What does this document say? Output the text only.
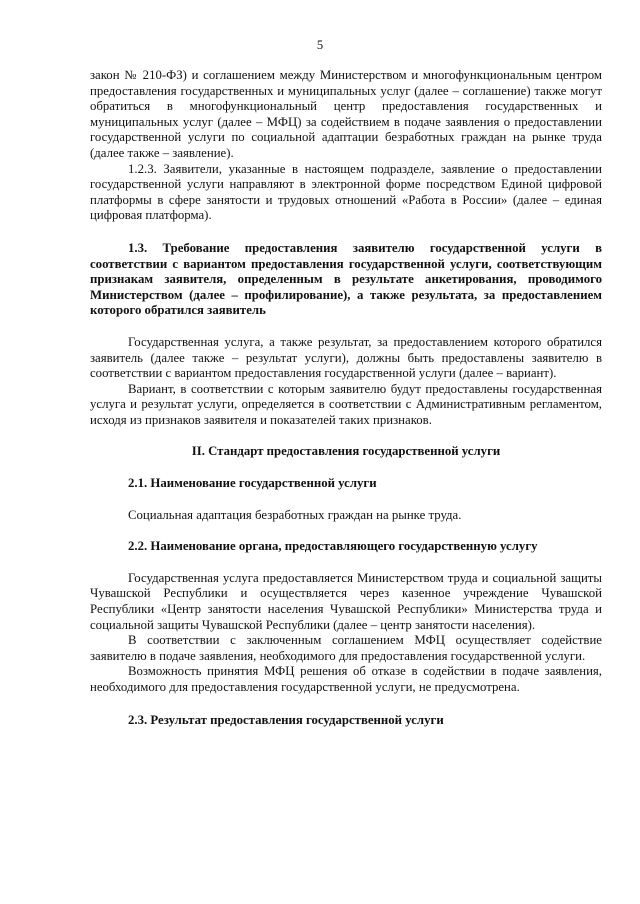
5

закон № 210-ФЗ) и соглашением между Министерством и многофункциональным центром предоставления государственных и муниципальных услуг (далее – соглашение) также могут обратиться в многофункциональный центр предоставления государственных и муниципальных услуг (далее – МФЦ) за содействием в подаче заявления о предоставлении государственной услуги по социальной адаптации безработных граждан на рынке труда (далее также – заявление).

1.2.3. Заявители, указанные в настоящем подразделе, заявление о предоставлении государственной услуги направляют в электронной форме посредством Единой цифровой платформы в сфере занятости и трудовых отношений «Работа в России» (далее – единая цифровая платформа).

1.3. Требование предоставления заявителю государственной услуги в соответствии с вариантом предоставления государственной услуги, соответствующим признакам заявителя, определенным в результате анкетирования, проводимого Министерством (далее – профилирование), а также результата, за предоставлением которого обратился заявитель

Государственная услуга, а также результат, за предоставлением которого обратился заявитель (далее также – результат услуги), должны быть предоставлены заявителю в соответствии с вариантом предоставления государственной услуги (далее – вариант).

Вариант, в соответствии с которым заявителю будут предоставлены государственная услуга и результат услуги, определяется в соответствии с Административным регламентом, исходя из признаков заявителя и показателей таких признаков.

II. Стандарт предоставления государственной услуги

2.1. Наименование государственной услуги

Социальная адаптация безработных граждан на рынке труда.

2.2. Наименование органа, предоставляющего государственную услугу

Государственная услуга предоставляется Министерством труда и социальной защиты Чувашской Республики и осуществляется через казенное учреждение Чувашской Республики «Центр занятости населения Чувашской Республики» Министерства труда и социальной защиты Чувашской Республики (далее – центр занятости населения).

В соответствии с заключенным соглашением МФЦ осуществляет содействие заявителю в подаче заявления, необходимого для предоставления государственной услуги.

Возможность принятия МФЦ решения об отказе в содействии в подаче заявления, необходимого для предоставления государственной услуги, не предусмотрена.

2.3. Результат предоставления государственной услуги
